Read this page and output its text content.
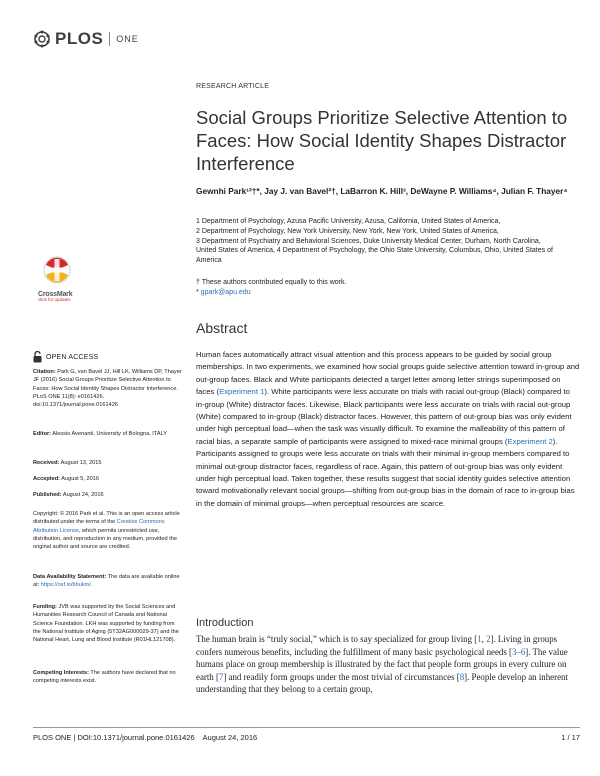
PLOS ONE
RESEARCH ARTICLE
Social Groups Prioritize Selective Attention to Faces: How Social Identity Shapes Distractor Interference
Gewnhi Park¹²†*, Jay J. van Bavel²†, LaBarron K. Hill³, DeWayne P. Williams⁴, Julian F. Thayer⁴

1 Department of Psychology, Azusa Pacific University, Azusa, California, United States of America,

2 Department of Psychology, New York University, New York, New York, United States of America,

3 Department of Psychiatry and Behavioral Sciences, Duke University Medical Center, Durham, North Carolina, United States of America, 4 Department of Psychology, the Ohio State University, Columbus, Ohio, United States of America

† These authors contributed equally to this work.

* gpark@apu.edu

Abstract
Human faces automatically attract visual attention and this process appears to be guided by social group memberships. In two experiments, we examined how social groups guide selective attention toward in-group and out-group faces. Black and White participants detected a target letter among letter strings superimposed on faces (Experiment 1). White participants were less accurate on trials with racial out-group (Black) compared to in-group (White) distractor faces. Likewise, Black participants were less accurate on trials with racial out-group (White) compared to in-group (Black) distractor faces. However, this pattern of out-group bias was only evident under high perceptual load—when the task was visually difficult. To examine the malleability of this pattern of racial bias, a separate sample of participants were assigned to mixed-race minimal groups (Experiment 2). Participants assigned to groups were less accurate on trials with their minimal in-group members compared to minimal out-group distractor faces, regardless of race. Again, this pattern of out-group bias was only evident under high perceptual load. Taken together, these results suggest that social identity guides selective attention toward motivationally relevant social groups—shifting from out-group bias in the domain of race to in-group bias in the domain of minimal groups—when perceptual resources are scarce.
Introduction
The human brain is “truly social,” which is to say specialized for group living [1, 2]. Living in groups confers numerous benefits, including the fulfillment of many basic psychological needs [3–6]. The value humans place on group membership is illustrated by the fact that people form groups in every culture on earth [7] and readily form groups under the most trivial of circumstances [8]. People develop an inherent understanding that they belong to a certain group,
CrossMark
click for updates
OPEN ACCESS
Citation: Park G, van Bavel JJ, Hill LK, Williams DP, Thayer JF (2016) Social Groups Prioritize Selective Attention to Faces: How Social Identity Shapes Distractor Interference. PLoS ONE 11(8): e0161426. doi:10.1371/journal.pone.0161426
Editor: Alessio Avenanti, University of Bologna, ITALY
Received: August 13, 2015
Accepted: August 5, 2016
Published: August 24, 2016
Copyright: © 2016 Park et al. This is an open access article distributed under the terms of the Creative Commons Attribution License, which permits unrestricted use, distribution, and reproduction in any medium, provided the original author and source are credited.
Data Availability Statement: The data are available online at: https://osf.io/bhukm/.
Funding: JVB was supported by the Social Sciences and Humanities Research Council of Canada and National Science Foundation. LKH was supported by funding from the National Institute of Aging (5T32AG000029-37) and the National Heart, Lung and Blood Institute (R01HL121708).
Competing Interests: The authors have declared that no competing interests exist.
PLOS ONE | DOI:10.1371/journal.pone.0161426    August 24, 2016	1 / 17
